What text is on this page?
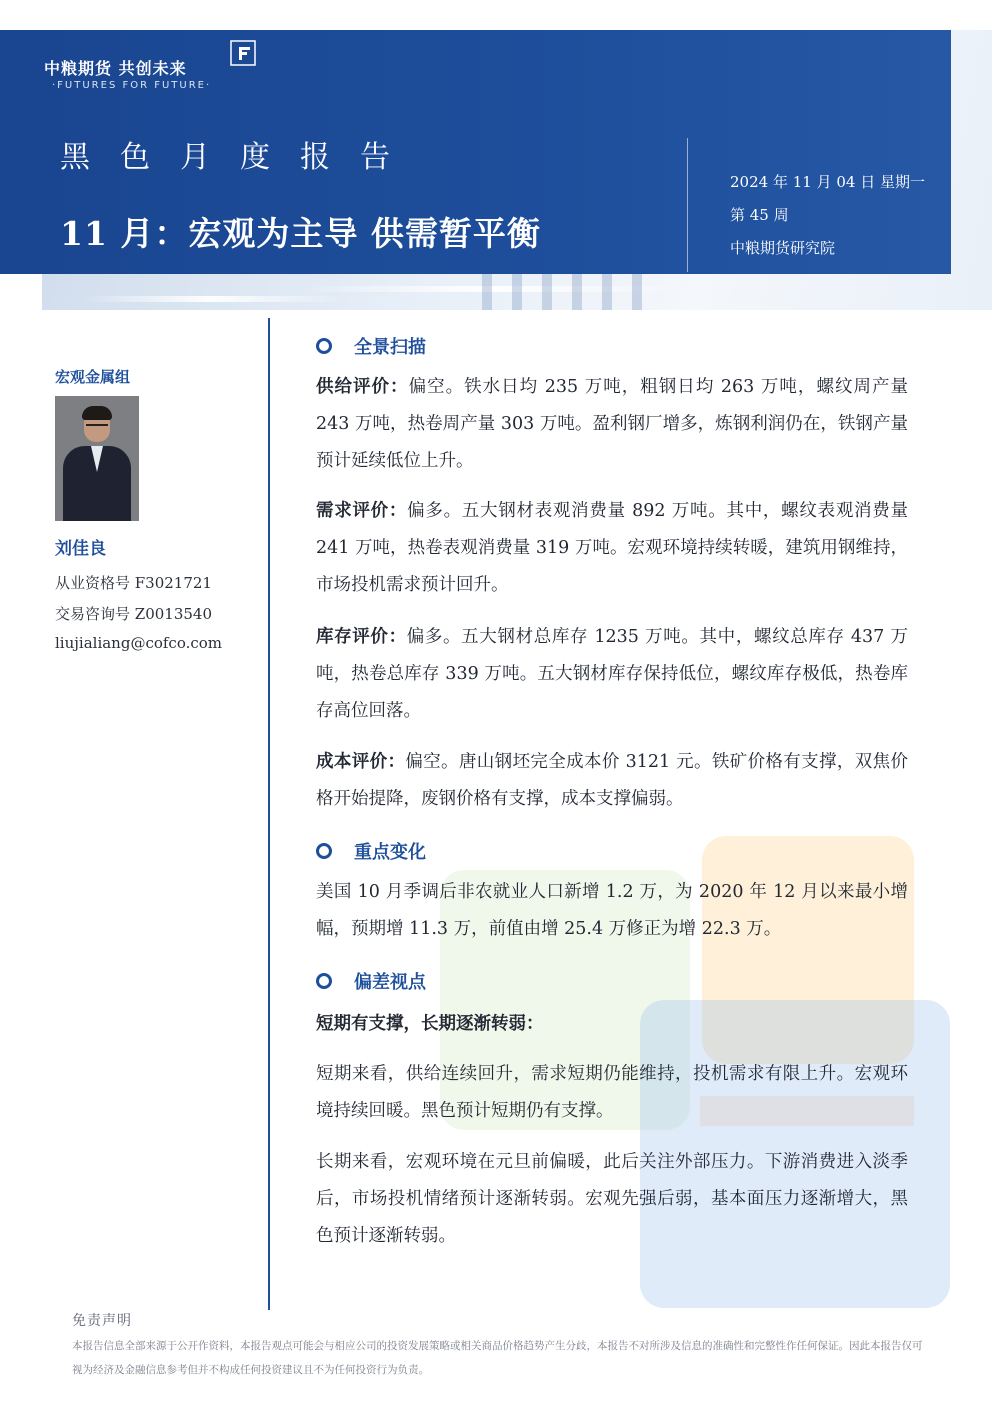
中粮期货 共创未来
·FUTURES FOR FUTURE·
黑色月度报告
11 月：宏观为主导 供需暂平衡
2024 年 11 月 04 日 星期一
第 45 周
中粮期货研究院
宏观金属组
刘佳良
从业资格号 F3021721
交易咨询号 Z0013540
liujialiang@cofco.com
全景扫描
供给评价：偏空。铁水日均 235 万吨，粗钢日均 263 万吨，螺纹周产量 243 万吨，热卷周产量 303 万吨。盈利钢厂增多，炼钢利润仍在，铁钢产量预计延续低位上升。
需求评价：偏多。五大钢材表观消费量 892 万吨。其中，螺纹表观消费量 241 万吨，热卷表观消费量 319 万吨。宏观环境持续转暖，建筑用钢维持，市场投机需求预计回升。
库存评价：偏多。五大钢材总库存 1235 万吨。其中，螺纹总库存 437 万吨，热卷总库存 339 万吨。五大钢材库存保持低位，螺纹库存极低，热卷库存高位回落。
成本评价：偏空。唐山钢坯完全成本价 3121 元。铁矿价格有支撑，双焦价格开始提降，废钢价格有支撑，成本支撑偏弱。
重点变化
美国 10 月季调后非农就业人口新增 1.2 万，为 2020 年 12 月以来最小增幅，预期增 11.3 万，前值由增 25.4 万修正为增 22.3 万。
偏差视点
短期有支撑，长期逐渐转弱：
短期来看，供给连续回升，需求短期仍能维持，投机需求有限上升。宏观环境持续回暖。黑色预计短期仍有支撑。
长期来看，宏观环境在元旦前偏暖，此后关注外部压力。下游消费进入淡季后，市场投机情绪预计逐渐转弱。宏观先强后弱，基本面压力逐渐增大，黑色预计逐渐转弱。
免责声明
本报告信息全部来源于公开作资料，本报告观点可能会与相应公司的投资发展策略或相关商品价格趋势产生分歧，本报告不对所涉及信息的准确性和完整性作任何保证。因此本报告仅可视为经济及金融信息参考但并不构成任何投资建议且不为任何投资行为负责。
